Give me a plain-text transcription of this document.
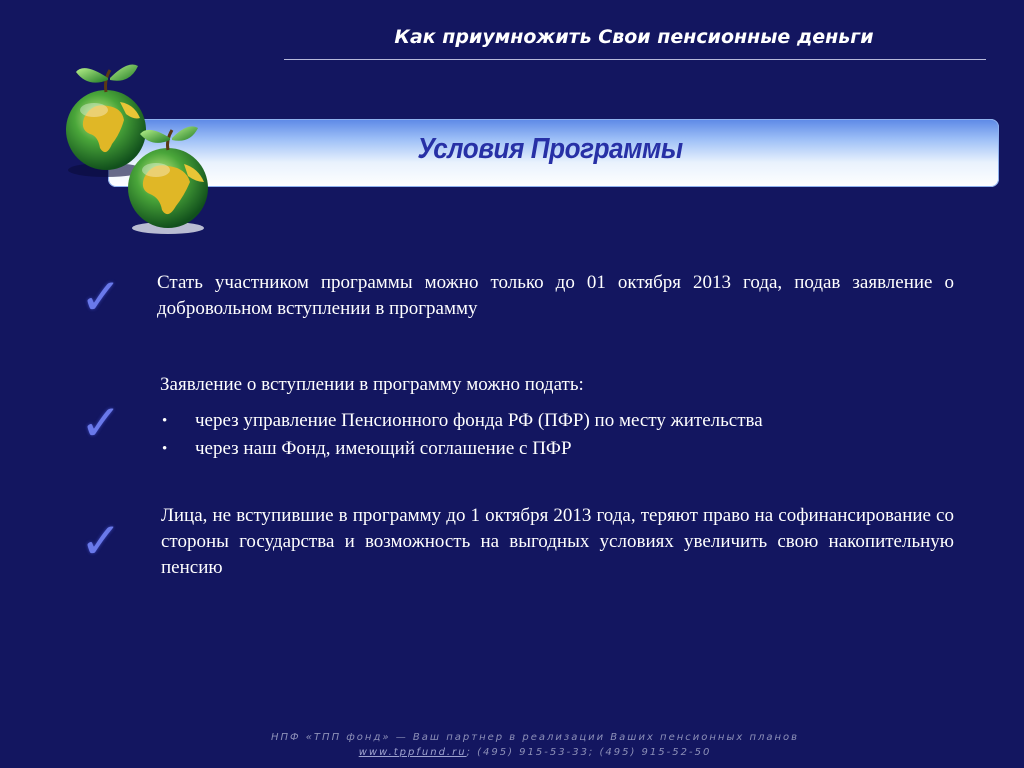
Как приумножить Свои пенсионные деньги
Условия Программы
✓
✓
✓
Стать участником программы можно только до 01 октября 2013 года, подав заявление о добровольном вступлении в программу
Заявление о вступлении в программу можно подать:
• через управление Пенсионного фонда РФ (ПФР) по месту жительства
• через наш Фонд, имеющий соглашение с ПФР
Лица, не вступившие в программу до 1 октября 2013 года, теряют право на софинансирование со стороны государства и возможность на выгодных условиях увеличить свою накопительную пенсию
НПФ «ТПП фонд» — Ваш партнер в реализации Ваших пенсионных планов
www.tppfund.ru; (495) 915-53-33; (495) 915-52-50
